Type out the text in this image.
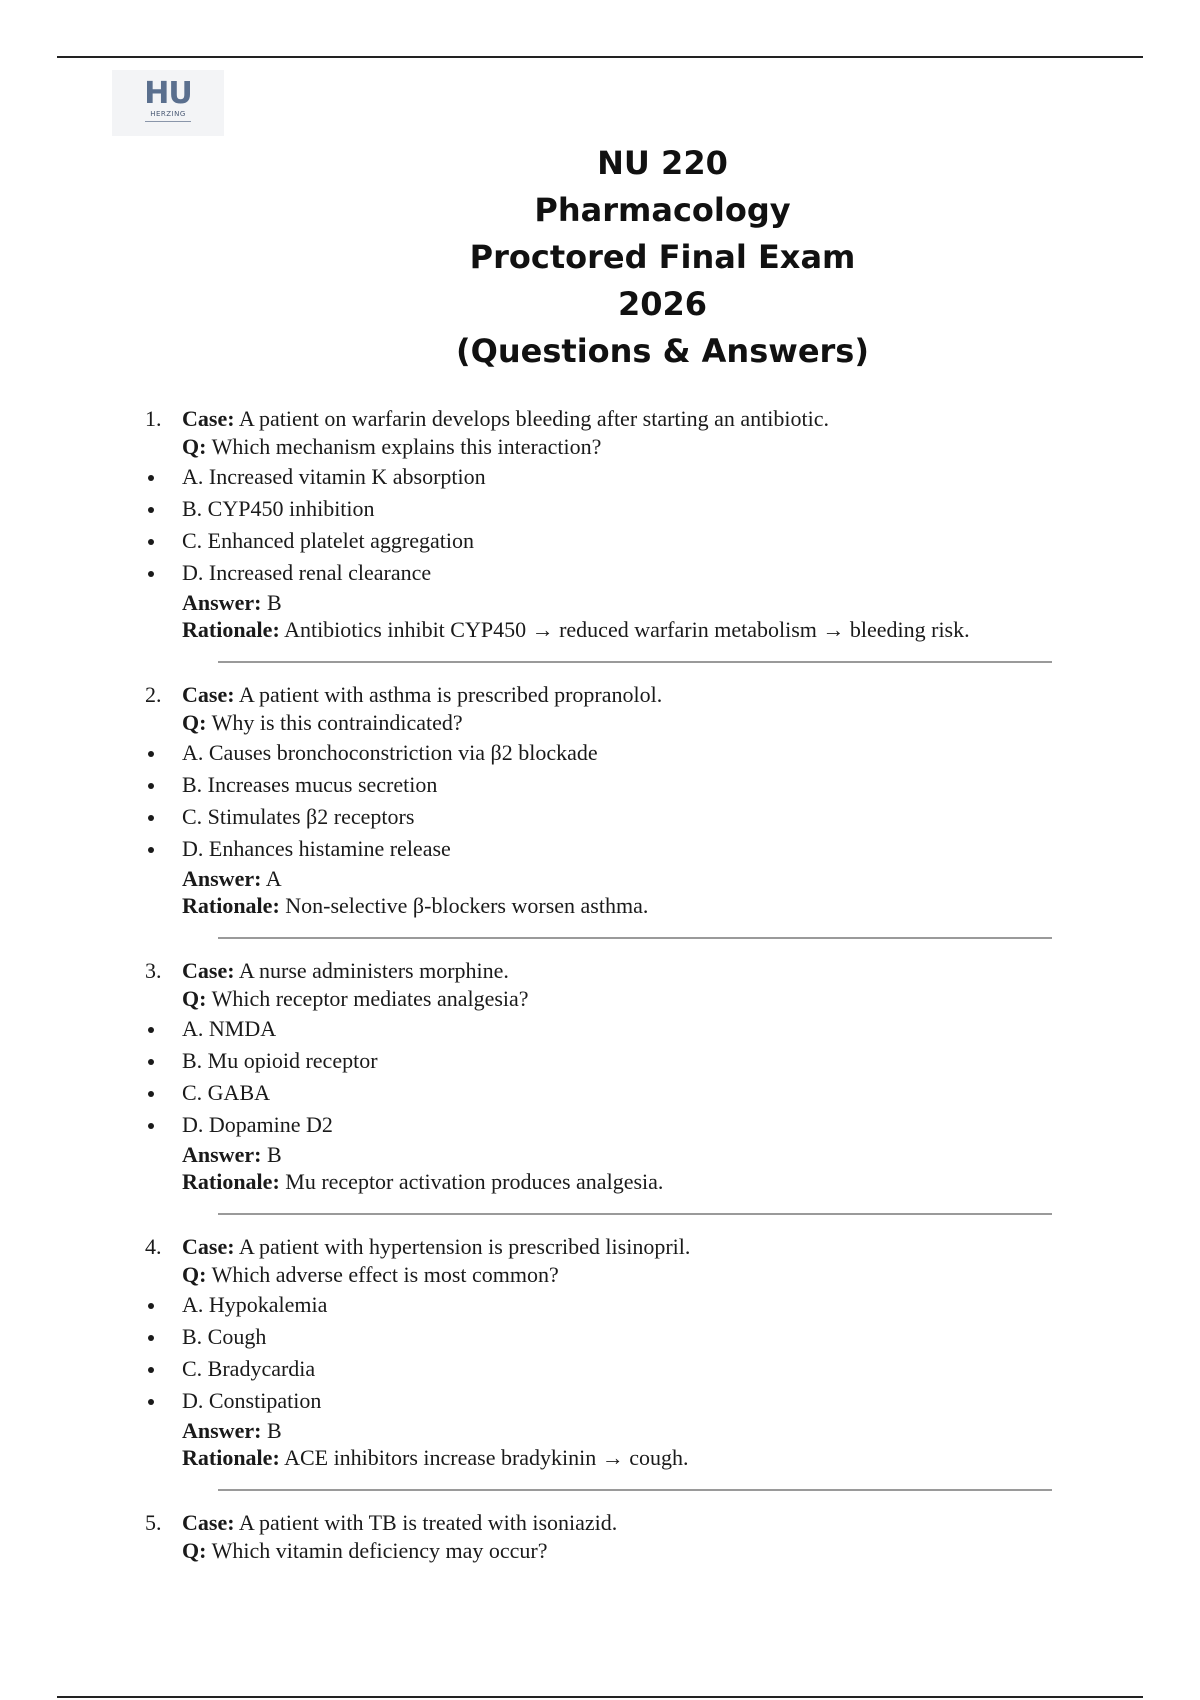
HU
HERZING
NU 220
Pharmacology
Proctored Final Exam
2026
(Questions & Answers)
1. Case: A patient on warfarin develops bleeding after starting an antibiotic.
Q: Which mechanism explains this interaction?
A. Increased vitamin K absorption
B. CYP450 inhibition
C. Enhanced platelet aggregation
D. Increased renal clearance
Answer: B
Rationale: Antibiotics inhibit CYP450 → reduced warfarin metabolism → bleeding risk.
2. Case: A patient with asthma is prescribed propranolol.
Q: Why is this contraindicated?
A. Causes bronchoconstriction via β2 blockade
B. Increases mucus secretion
C. Stimulates β2 receptors
D. Enhances histamine release
Answer: A
Rationale: Non-selective β-blockers worsen asthma.
3. Case: A nurse administers morphine.
Q: Which receptor mediates analgesia?
A. NMDA
B. Mu opioid receptor
C. GABA
D. Dopamine D2
Answer: B
Rationale: Mu receptor activation produces analgesia.
4. Case: A patient with hypertension is prescribed lisinopril.
Q: Which adverse effect is most common?
A. Hypokalemia
B. Cough
C. Bradycardia
D. Constipation
Answer: B
Rationale: ACE inhibitors increase bradykinin → cough.
5. Case: A patient with TB is treated with isoniazid.
Q: Which vitamin deficiency may occur?
